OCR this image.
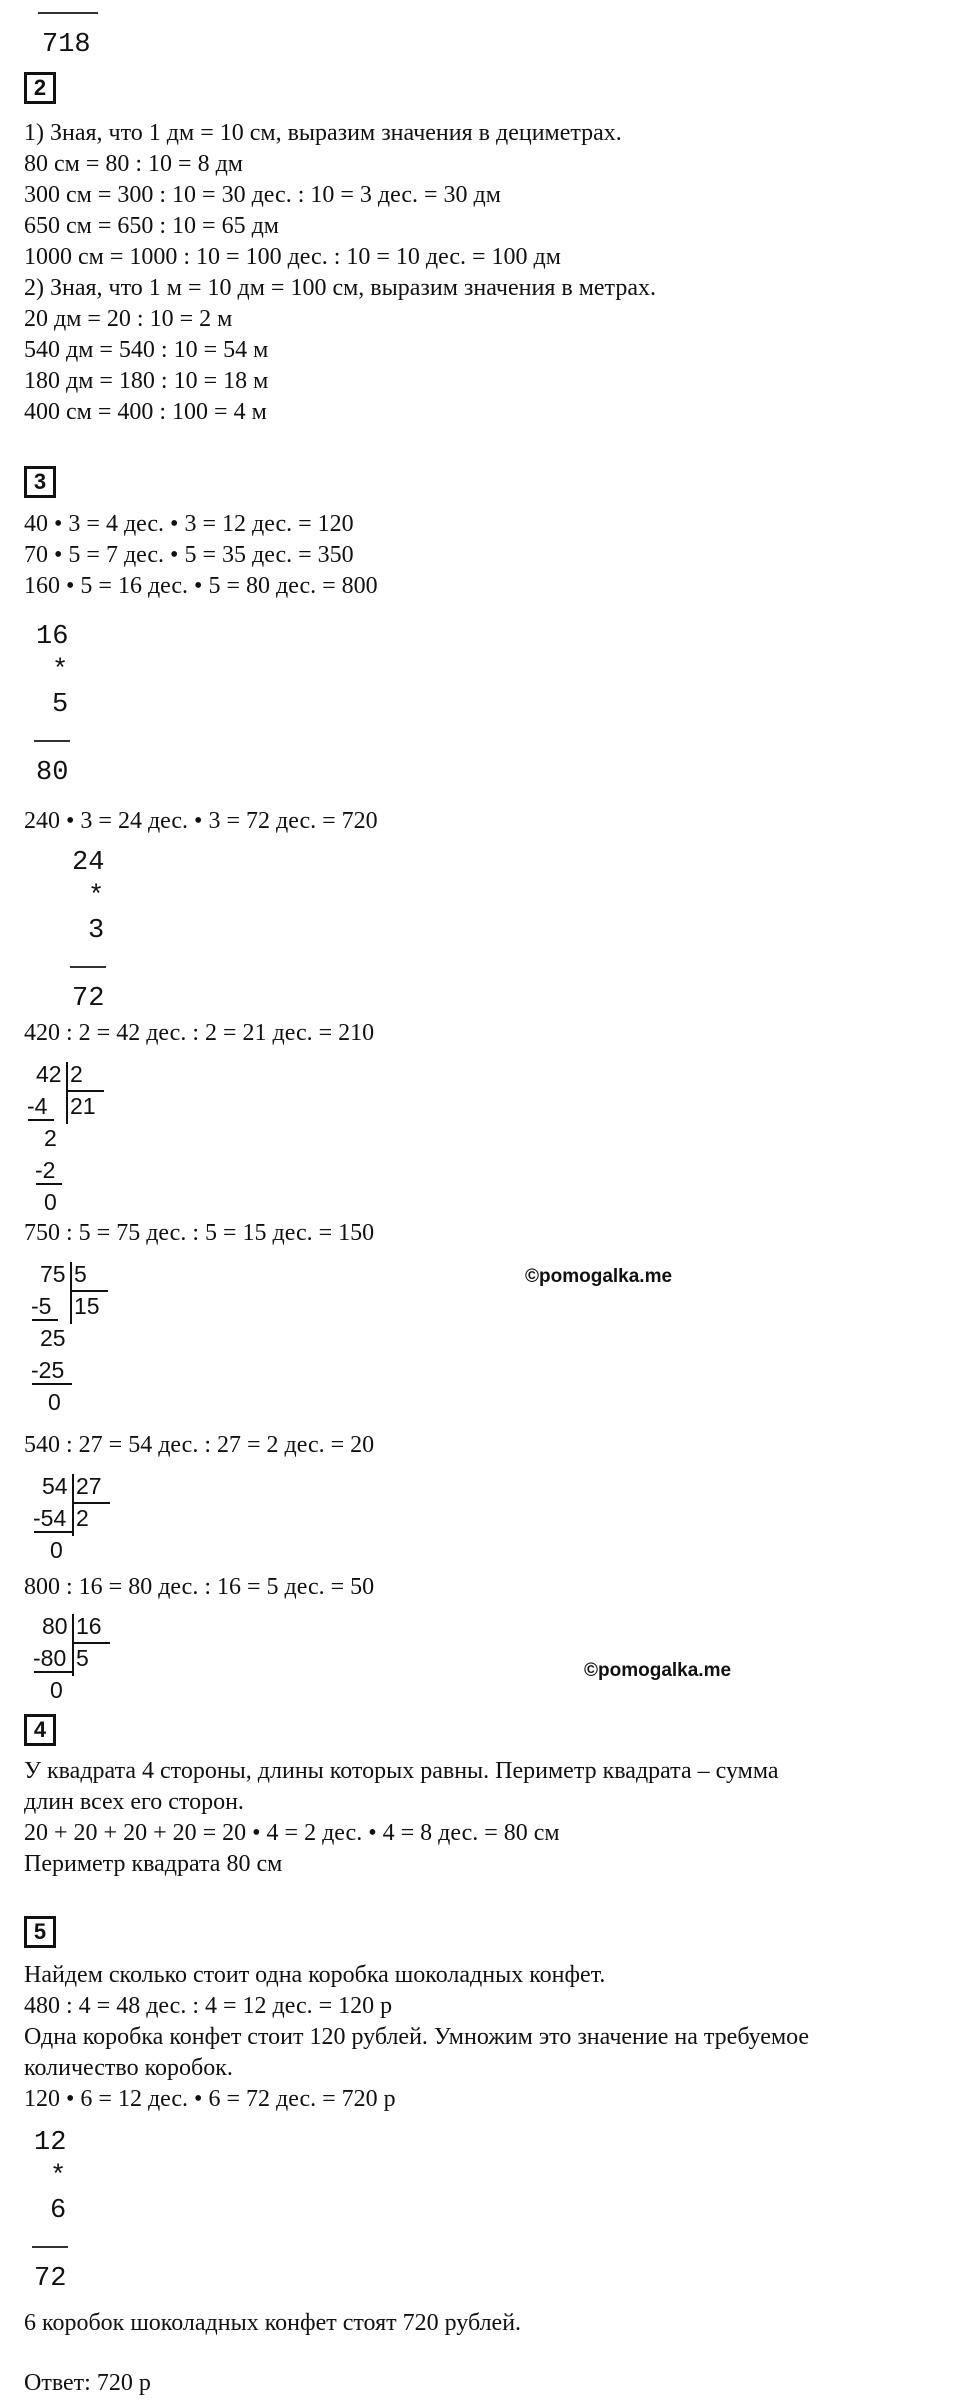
718
2
1) Зная, что 1 дм = 10 см, выразим значения в дециметрах.
80 см = 80 : 10 = 8 дм
300 см = 300 : 10 = 30 дес. : 10 = 3 дес. = 30 дм
650 см = 650 : 10 = 65 дм
1000 см = 1000 : 10 = 100 дес. : 10 = 10 дес. = 100 дм
2) Зная, что 1 м = 10 дм = 100 см, выразим значения в метрах.
20 дм = 20 : 10 = 2 м
540 дм = 540 : 10 = 54 м
180 дм = 180 : 10 = 18 м
400 см = 400 : 100 = 4 м
3
40 • 3 = 4 дес. • 3 = 12 дес. = 120
70 • 5 = 7 дес. • 5 = 35 дес. = 350
160 • 5 = 16 дес. • 5 = 80 дес. = 800
16
*
5
80
240 • 3 = 24 дес. • 3 = 72 дес. = 720
24
*
3
72
420 : 2 = 42 дес. : 2 = 21 дес. = 210
42 2
21
-4
2
-2
0
750 : 5 = 75 дес. : 5 = 15 дес. = 150
75 5
15
-5
25
-25
0
©pomogalka.me
540 : 27 = 54 дес. : 27 = 2 дес. = 20
54 27
2
-54
0
800 : 16 = 80 дес. : 16 = 5 дес. = 50
80 16
5
-80
0
©pomogalka.me
4
У квадрата 4 стороны, длины которых равны. Периметр квадрата – сумма
длин всех его сторон.
20 + 20 + 20 + 20 = 20 • 4 = 2 дес. • 4 = 8 дес. = 80 см
Периметр квадрата 80 см
5
Найдем сколько стоит одна коробка шоколадных конфет.
480 : 4 = 48 дес. : 4 = 12 дес. = 120 р
Одна коробка конфет стоит 120 рублей. Умножим это значение на требуемое
количество коробок.
120 • 6 = 12 дес. • 6 = 72 дес. = 720 р
12
*
6
72
6 коробок шоколадных конфет стоят 720 рублей.
Ответ: 720 р
